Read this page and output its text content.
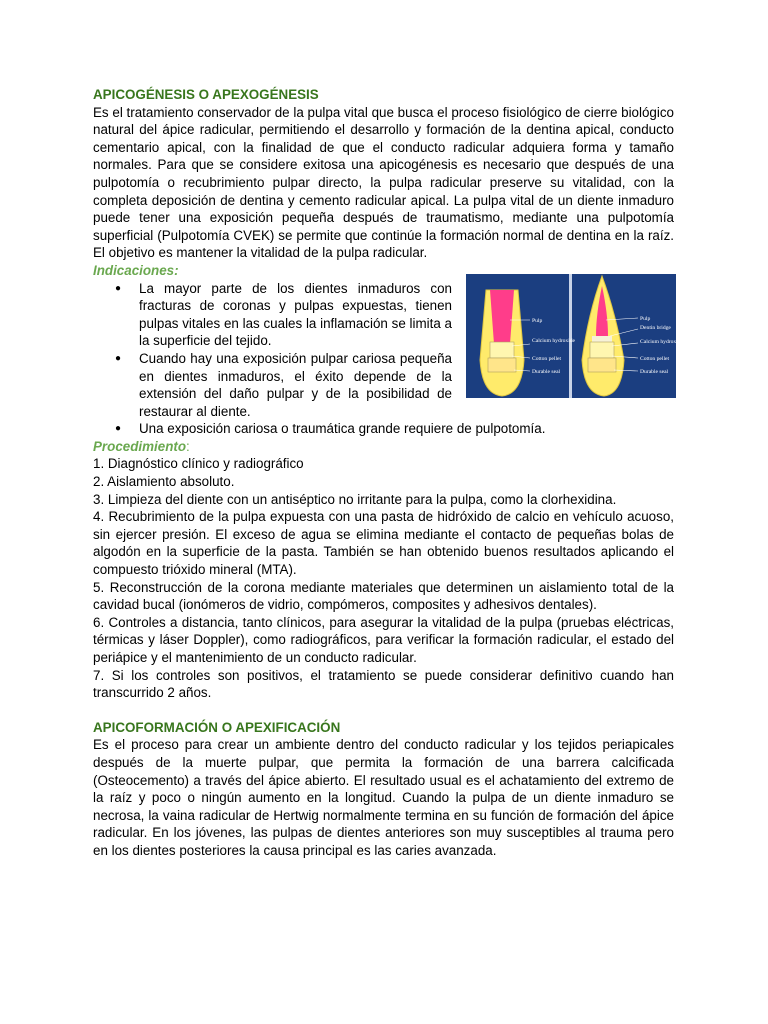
APICOGÉNESIS O APEXOGÉNESIS

Es el tratamiento conservador de la pulpa vital que busca el proceso fisiológico de cierre biológico natural del ápice radicular, permitiendo el desarrollo y formación de la dentina apical, conducto cementario apical, con la finalidad de que el conducto radicular adquiera forma y tamaño normales. Para que se considere exitosa una apicogénesis es necesario que después de una pulpotomía o recubrimiento pulpar directo, la pulpa radicular preserve su vitalidad, con la completa deposición de dentina y cemento radicular apical. La pulpa vital de un diente inmaduro puede tener una exposición pequeña después de traumatismo, mediante una pulpotomía superficial (Pulpotomía CVEK) se permite que continúe la formación normal de dentina en la raíz. El objetivo es mantener la vitalidad de la pulpa radicular.

Indicaciones:
● La mayor parte de los dientes inmaduros con fracturas de coronas y pulpas expuestas, tienen pulpas vitales en las cuales la inflamación se limita a la superficie del tejido.
● Cuando hay una exposición pulpar cariosa pequeña en dientes inmaduros, el éxito depende de la extensión del daño pulpar y de la posibilidad de restaurar al diente.
● Una exposición cariosa o traumática grande requiere de pulpotomía.
Pulp
Calcium hydroxide
Cotton pellet
Durable seal
Pulp
Dentin bridge
Calcium hydroxide
Cotton pellet
Durable seal
Procedimiento:

1. Diagnóstico clínico y radiográfico

2. Aislamiento absoluto.

3. Limpieza del diente con un antiséptico no irritante para la pulpa, como la clorhexidina.

4. Recubrimiento de la pulpa expuesta con una pasta de hidróxido de calcio en vehículo acuoso, sin ejercer presión. El exceso de agua se elimina mediante el contacto de pequeñas bolas de algodón en la superficie de la pasta. También se han obtenido buenos resultados aplicando el compuesto trióxido mineral (MTA).

5. Reconstrucción de la corona mediante materiales que determinen un aislamiento total de la cavidad bucal (ionómeros de vidrio, compómeros, composites y adhesivos dentales).

6. Controles a distancia, tanto clínicos, para asegurar la vitalidad de la pulpa (pruebas eléctricas, térmicas y láser Doppler), como radiográficos, para verificar la formación radicular, el estado del periápice y el mantenimiento de un conducto radicular.

7. Si los controles son positivos, el tratamiento se puede considerar definitivo cuando han transcurrido 2 años.

APICOFORMACIÓN O APEXIFICACIÓN

Es el proceso para crear un ambiente dentro del conducto radicular y los tejidos periapicales después de la muerte pulpar, que permita la formación de una barrera calcificada (Osteocemento) a través del ápice abierto. El resultado usual es el achatamiento del extremo de la raíz y poco o ningún aumento en la longitud. Cuando la pulpa de un diente inmaduro se necrosa, la vaina radicular de Hertwig normalmente termina en su función de formación del ápice radicular. En los jóvenes, las pulpas de dientes anteriores son muy susceptibles al trauma pero en los dientes posteriores la causa principal es las caries avanzada.
